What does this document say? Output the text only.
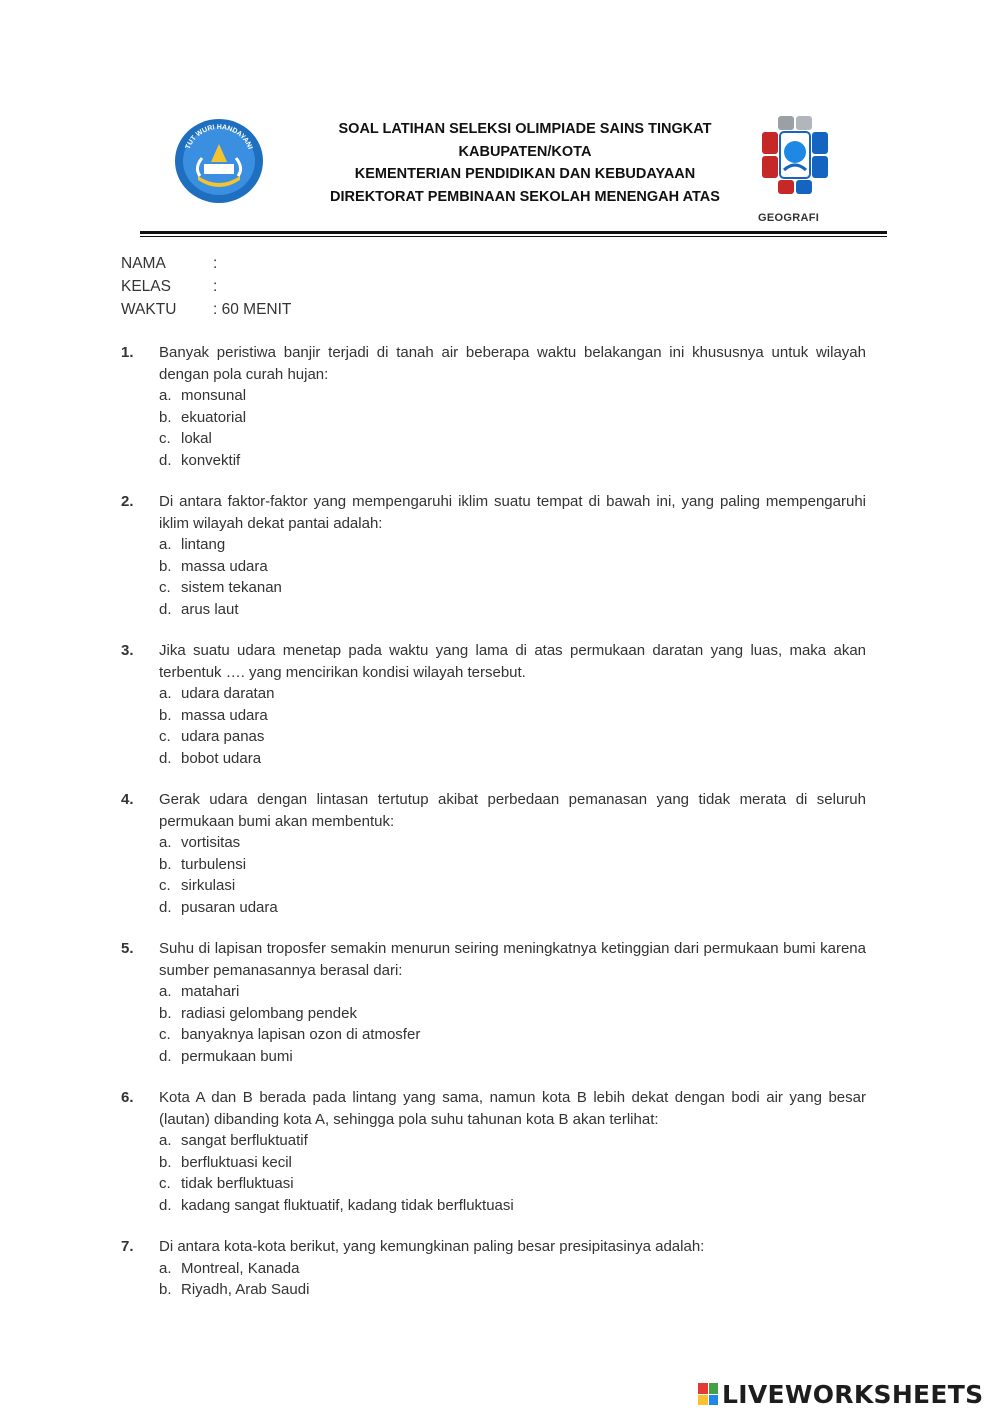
TUT WURI HANDAYANI
SOAL LATIHAN SELEKSI OLIMPIADE SAINS TINGKAT
KABUPATEN/KOTA
KEMENTERIAN PENDIDIKAN DAN KEBUDAYAAN
DIREKTORAT PEMBINAAN SEKOLAH MENENGAH ATAS
GEOGRAFI
NAMA	:
KELAS	:
WAKTU	: 60 MENIT
1.	Banyak peristiwa banjir terjadi di tanah air beberapa waktu belakangan ini khususnya untuk wilayah dengan pola curah hujan:
a. monsunal
b. ekuatorial
c. lokal
d. konvektif
2.	Di antara faktor-faktor yang mempengaruhi iklim suatu tempat di bawah ini, yang paling mempengaruhi iklim wilayah dekat pantai adalah:
a. lintang
b. massa udara
c. sistem tekanan
d. arus laut
3.	Jika suatu udara menetap pada waktu yang lama di atas permukaan daratan yang luas, maka akan terbentuk …. yang mencirikan kondisi wilayah tersebut.
a. udara daratan
b. massa udara
c. udara panas
d. bobot udara
4.	Gerak udara dengan lintasan tertutup akibat perbedaan pemanasan yang tidak merata di seluruh permukaan bumi akan membentuk:
a. vortisitas
b. turbulensi
c. sirkulasi
d. pusaran udara
5.	Suhu di lapisan troposfer semakin menurun seiring meningkatnya ketinggian dari permukaan bumi karena sumber pemanasannya berasal dari:
a. matahari
b. radiasi gelombang pendek
c. banyaknya lapisan ozon di atmosfer
d. permukaan bumi
6.	Kota A dan B berada pada lintang yang sama, namun kota B lebih dekat dengan bodi air yang besar (lautan) dibanding kota A, sehingga pola suhu tahunan kota B akan terlihat:
a. sangat berfluktuatif
b. berfluktuasi kecil
c. tidak berfluktuasi
d. kadang sangat fluktuatif, kadang tidak berfluktuasi
7.	Di antara kota-kota berikut, yang kemungkinan paling besar presipitasinya adalah:
a. Montreal, Kanada
b. Riyadh, Arab Saudi
LIVEWORKSHEETS
